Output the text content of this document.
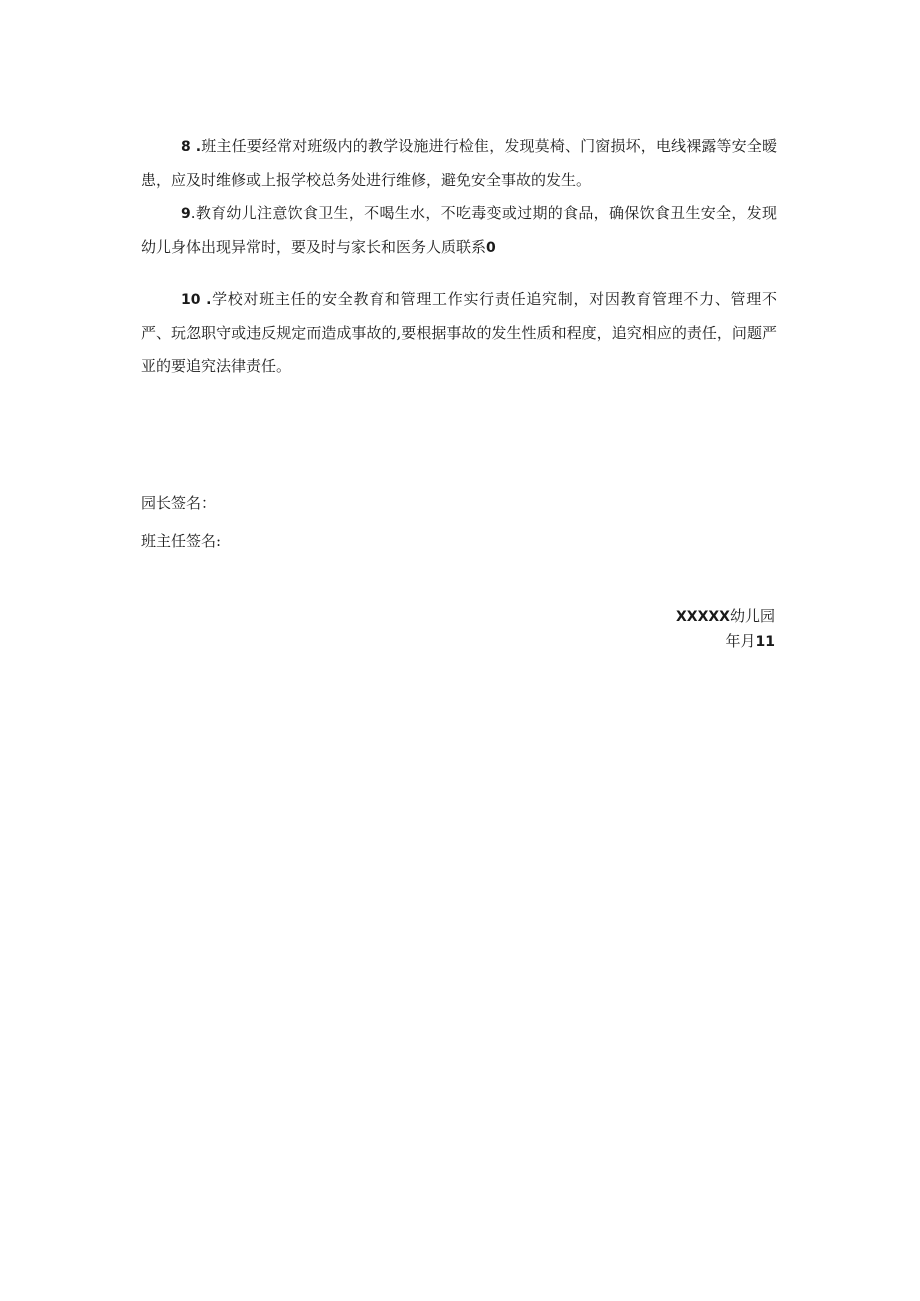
8 .班主任要经常对班级内的教学设施进行检隹，发现莫椅、门窗损坏，电线裸露等安全暧患，应及时维修或上报学校总务处进行维修，避免安全事故的发生。

9.教育幼儿注意饮食卫生，不喝生水，不吃毒变或过期的食品，确保饮食丑生安全，发现幼儿身体出现异常时，要及时与家长和医务人质联系0

10 .学校对班主任的安全教育和管理工作实行责任追究制，对因教育管理不力、管理不严、玩忽职守或违反规定而造成事故的,要根据事故的发生性质和程度，追究相应的责任，问题严亚的要追究法律责任。

园长签名：
班主任签名:
XXXXX幼儿园
年月11
